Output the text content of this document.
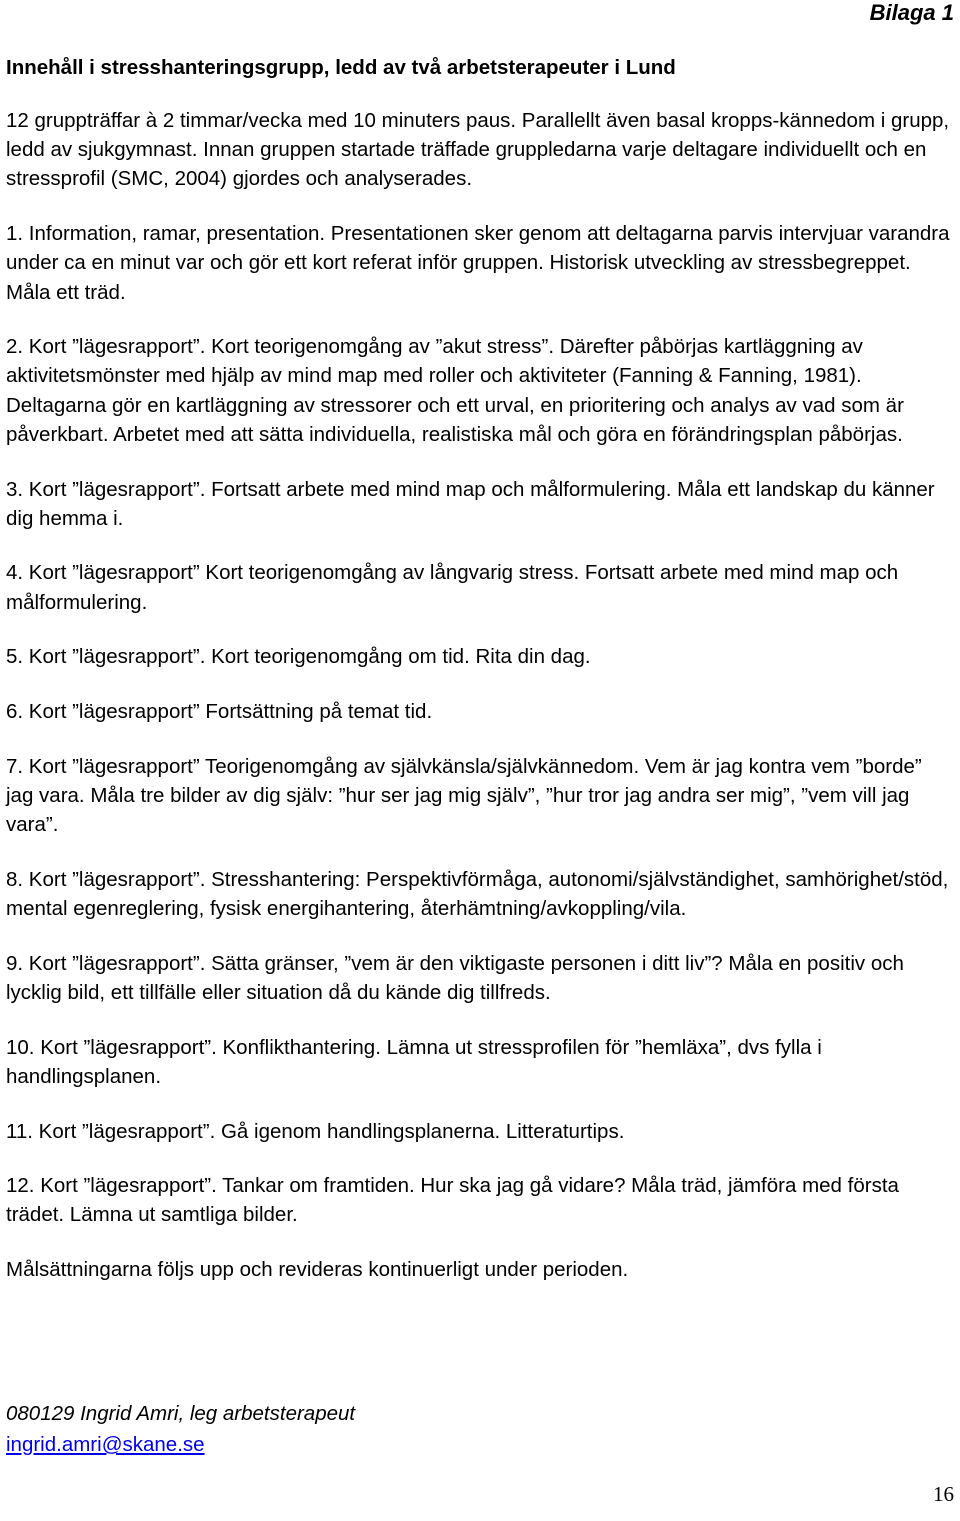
Bilaga 1
Innehåll i stresshanteringsgrupp, ledd av två arbetsterapeuter i Lund

12 gruppträffar à 2 timmar/vecka med 10 minuters paus. Parallellt även basal kropps-kännedom i grupp, ledd av sjukgymnast. Innan gruppen startade träffade gruppledarna varje deltagare individuellt och en stressprofil (SMC, 2004) gjordes och analyserades.

1. Information, ramar, presentation. Presentationen sker genom att deltagarna parvis intervjuar varandra under ca en minut var och gör ett kort referat inför gruppen. Historisk utveckling av stressbegreppet. Måla ett träd.

2. Kort ”lägesrapport”. Kort teorigenomgång av ”akut stress”. Därefter påbörjas kartläggning av aktivitetsmönster med hjälp av mind map med roller och aktiviteter (Fanning & Fanning, 1981). Deltagarna gör en kartläggning av stressorer och ett urval, en prioritering och analys av vad som är påverkbart. Arbetet med att sätta individuella, realistiska mål och göra en förändringsplan påbörjas.

3. Kort ”lägesrapport”. Fortsatt arbete med mind map och målformulering. Måla ett landskap du känner dig hemma i.

4. Kort ”lägesrapport” Kort teorigenomgång av långvarig stress. Fortsatt arbete med mind map och målformulering.

5. Kort ”lägesrapport”. Kort teorigenomgång om tid. Rita din dag.

6. Kort ”lägesrapport” Fortsättning på temat tid.

7. Kort ”lägesrapport” Teorigenomgång av självkänsla/självkännedom. Vem är jag kontra vem ”borde” jag vara. Måla tre bilder av dig själv: ”hur ser jag mig själv”, ”hur tror jag andra ser mig”, ”vem vill jag vara”.

8. Kort ”lägesrapport”. Stresshantering: Perspektivförmåga, autonomi/självständighet, samhörighet/stöd, mental egenreglering, fysisk energihantering, återhämtning/avkoppling/vila.

9. Kort ”lägesrapport”. Sätta gränser, ”vem är den viktigaste personen i ditt liv”? Måla en positiv och lycklig bild, ett tillfälle eller situation då du kände dig tillfreds.

10. Kort ”lägesrapport”. Konflikthantering. Lämna ut stressprofilen för ”hemläxa”, dvs fylla i handlingsplanen.

11. Kort ”lägesrapport”. Gå igenom handlingsplanerna. Litteraturtips.

12. Kort ”lägesrapport”. Tankar om framtiden. Hur ska jag gå vidare? Måla träd, jämföra med första trädet. Lämna ut samtliga bilder.

Målsättningarna följs upp och revideras kontinuerligt under perioden.

080129 Ingrid Amri, leg arbetsterapeut
ingrid.amri@skane.se
16
